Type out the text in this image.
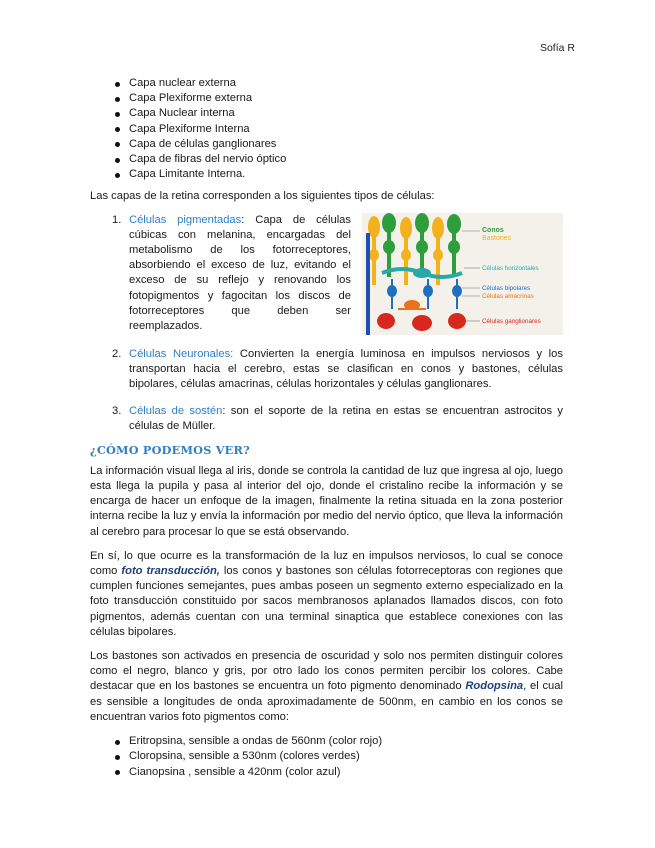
Sofía R
Capa nuclear externa
Capa Plexiforme externa
Capa Nuclear interna
Capa Plexiforme Interna
Capa de células ganglionares
Capa de fibras del nervio óptico
Capa Limitante Interna.

Las capas de la retina corresponden a los siguientes tipos de células:

1. Células pigmentadas: Capa de células cúbicas con melanina, encargadas del metabolismo de los fotorreceptores, absorbiendo el exceso de luz, evitando el exceso de su reflejo y renovando los fotopigmentos y fagocitan los discos de fotorreceptores que deben ser reemplazados.
Conos
Bastones
Células horizontales
Células bipolares
Células amacrinas
Células ganglionares
2. Células Neuronales: Convierten la energía luminosa en impulsos nerviosos y los transportan hacia el cerebro, estas se clasifican en conos y bastones, células bipolares, células amacrinas, células horizontales y células ganglionares.
3. Células de sostén: son el soporte de la retina en estas se encuentran astrocitos y células de Müller.
¿CÓMO PODEMOS VER?

La información visual llega al iris, donde se controla la cantidad de luz que ingresa al ojo, luego esta llega la pupila y pasa al interior del ojo, donde el cristalino recibe la información y se encarga de hacer un enfoque de la imagen, finalmente la retina situada en la zona posterior interna recibe la luz y envía la información por medio del nervio óptico, que lleva la información al cerebro para procesar lo que se está observando.

En sí, lo que ocurre es la transformación de la luz en impulsos nerviosos, lo cual se conoce como foto transducción, los conos y bastones son células fotorreceptoras con regiones que cumplen funciones semejantes, pues ambas poseen un segmento externo especializado en la foto transducción constituido por sacos membranosos aplanados llamados discos, con foto pigmentos, además cuentan con una terminal sinaptica que establece conexiones con las células bipolares.

Los bastones son activados en presencia de oscuridad y solo nos permiten distinguir colores como el negro, blanco y gris, por otro lado los conos permiten percibir los colores. Cabe destacar que en los bastones se encuentra un foto pigmento denominado Rodopsina, el cual es sensible a longitudes de onda aproximadamente de 500nm, en cambio en los conos se encuentran varios foto pigmentos como:

Eritropsina, sensible a ondas de 560nm (color rojo)
Cloropsina, sensible a 530nm (colores verdes)
Cianopsina , sensible a 420nm (color azul)
